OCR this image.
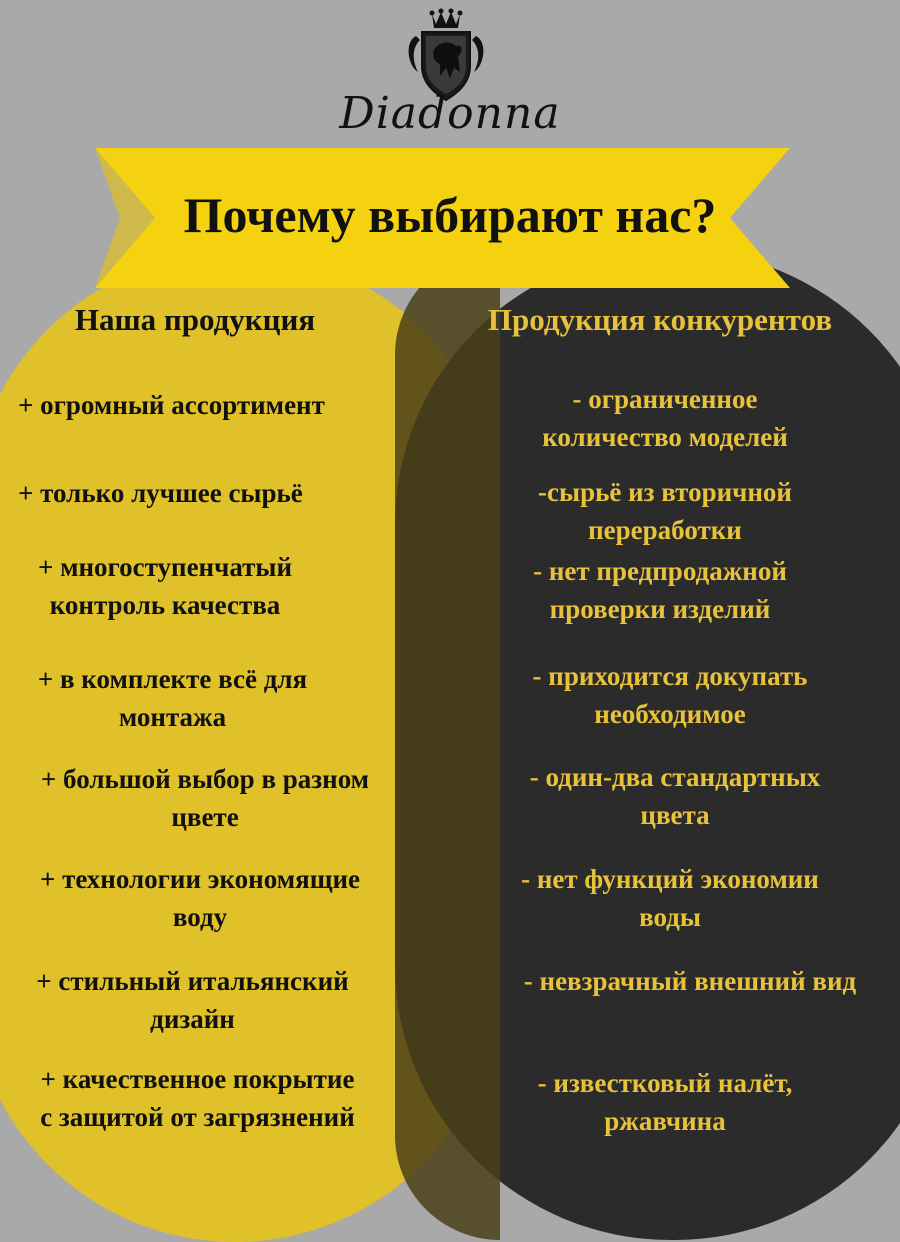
Diadonna
Почему выбирают нас?
Наша продукция	Продукция конкурентов
+ огромный ассортимент
+ только лучшее сырьё
+ многоступенчатый
контроль качества
+ в комплекте всё для
монтажа
+ большой выбор в разном
цвете
+ технологии экономящие
воду
+ стильный итальянский
дизайн
+ качественное покрытие
с защитой от загрязнений
- ограниченное
количество моделей
-сырьё из вторичной
переработки
- нет предпродажной
проверки изделий
- приходится докупать
необходимое
- один-два стандартных
цвета
- нет функций экономии
воды
- невзрачный внешний вид
- известковый налёт,
ржавчина
